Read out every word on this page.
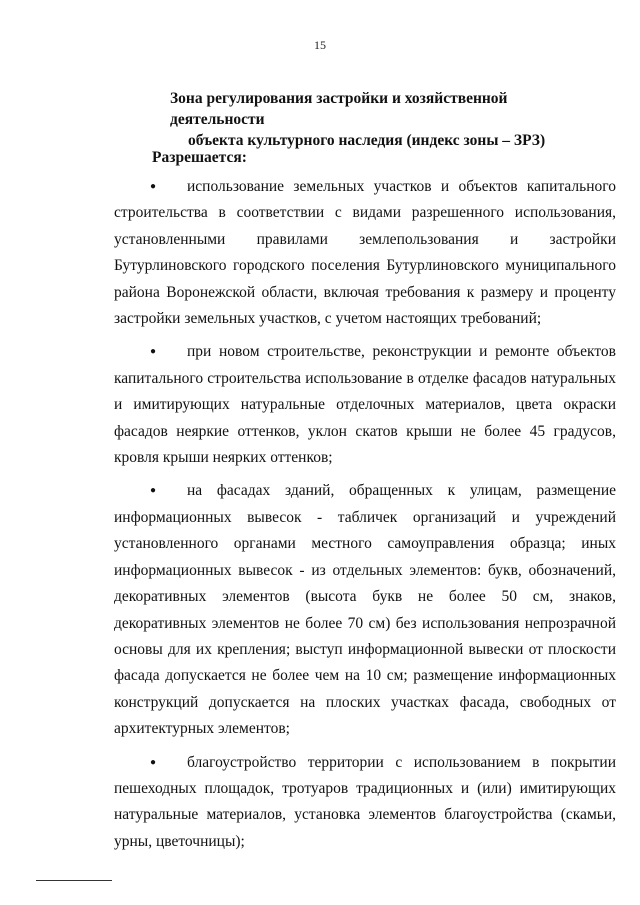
15
Зона регулирования застройки и хозяйственной деятельности
объекта культурного наследия (индекс зоны – ЗРЗ)
Разрешается:

● использование земельных участков и объектов капитального строительства в соответствии с видами разрешенного использования, установленными правилами землепользования и застройки Бутурлиновского городского поселения Бутурлиновского муниципального района Воронежской области, включая требования к размеру и проценту застройки земельных участков, с учетом настоящих требований;

● при новом строительстве, реконструкции и ремонте объектов капитального строительства использование в отделке фасадов натуральных и имитирующих натуральные отделочных материалов, цвета окраски фасадов неяркие оттенков, уклон скатов крыши не более 45 градусов, кровля крыши неярких оттенков;

● на фасадах зданий, обращенных к улицам, размещение информационных вывесок - табличек организаций и учреждений установленного органами местного самоуправления образца; иных информационных вывесок - из отдельных элементов: букв, обозначений, декоративных элементов (высота букв не более 50 см, знаков, декоративных элементов не более 70 см) без использования непрозрачной основы для их крепления; выступ информационной вывески от плоскости фасада допускается не более чем на 10 см; размещение информационных конструкций допускается на плоских участках фасада, свободных от архитектурных элементов;

● благоустройство территории с использованием в покрытии пешеходных площадок, тротуаров традиционных и (или) имитирующих натуральные материалов, установка элементов благоустройства (скамьи, урны, цветочницы);
